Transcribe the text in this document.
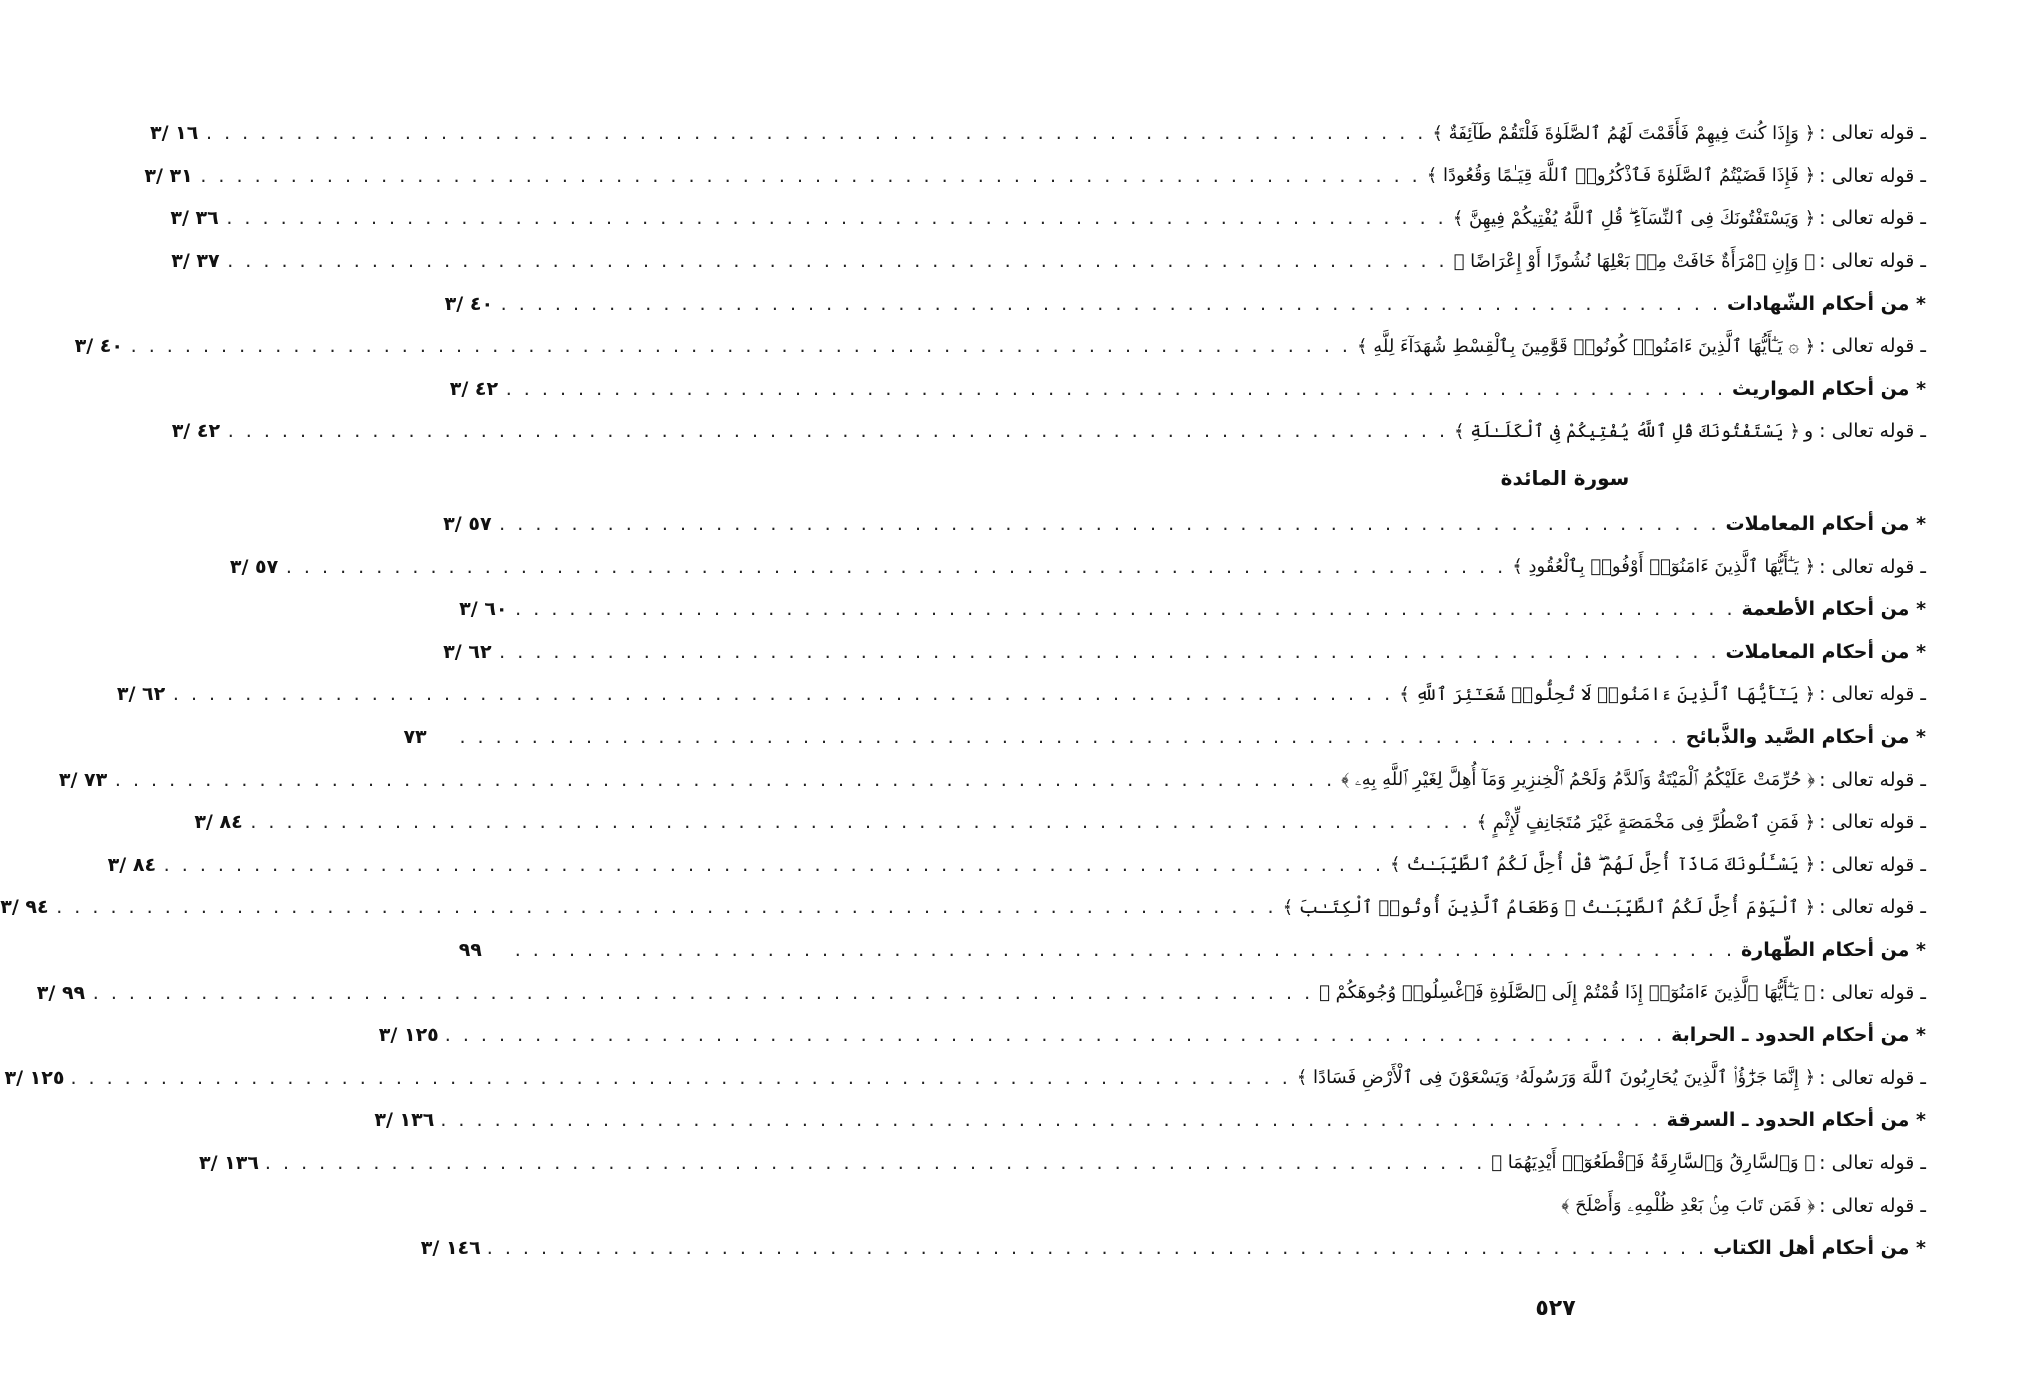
ـ قوله تعالى :
﴿ وَإِذَا كُنتَ فِيهِمْ فَأَقَمْتَ لَهُمُ ٱلصَّلَوٰةَ فَلْتَقُمْ طَآئِفَةٌ ﴾
. . . . . . . . . . . . . . . . . . . . . . . . . . . . . . . . . . . . . . . . . . . . . . . . . . . . . . . . . . . . . . . . . . . .
١٦ /٣
ـ قوله تعالى :
﴿ فَإِذَا قَضَيْتُمُ ٱلصَّلَوٰةَ فَٱذْكُرُوا۟ ٱللَّهَ قِيَـٰمًا وَقُعُودًا ﴾
. . . . . . . . . . . . . . . . . . . . . . . . . . . . . . . . . . . . . . . . . . . . . . . . . . . . . . . . . . . . . . . . . . . .
٣١ /٣
ـ قوله تعالى :
﴿ وَيَسْتَفْتُونَكَ فِى ٱلنِّسَآءِ ۖ قُلِ ٱللَّهُ يُفْتِيكُمْ فِيهِنَّ ﴾
. . . . . . . . . . . . . . . . . . . . . . . . . . . . . . . . . . . . . . . . . . . . . . . . . . . . . . . . . . . . . . . . . . . .
٣٦ /٣
ـ قوله تعالى :
﴿ وَإِنِ ٱمْرَأَةٌ خَافَتْ مِنۢ بَعْلِهَا نُشُوزًا أَوْ إِعْرَاضًا ﴾
. . . . . . . . . . . . . . . . . . . . . . . . . . . . . . . . . . . . . . . . . . . . . . . . . . . . . . . . . . . . . . . . . . . .
٣٧ /٣
* من أحكام الشّهادات
. . . . . . . . . . . . . . . . . . . . . . . . . . . . . . . . . . . . . . . . . . . . . . . . . . . . . . . . . . . . . . . . . . . .
٤٠ /٣
ـ قوله تعالى :
﴿ ۞ يَـٰٓأَيُّهَا ٱلَّذِينَ ءَامَنُوا۟ كُونُوا۟ قَوَّٰمِينَ بِٱلْقِسْطِ شُهَدَآءَ لِلَّهِ ﴾
. . . . . . . . . . . . . . . . . . . . . . . . . . . . . . . . . . . . . . . . . . . . . . . . . . . . . . . . . . . . . . . . . . . .
٤٠ /٣
* من أحكام المواريث
. . . . . . . . . . . . . . . . . . . . . . . . . . . . . . . . . . . . . . . . . . . . . . . . . . . . . . . . . . . . . . . . . . . .
٤٢ /٣
ـ قوله تعالى : و
﴿ يَسْتَفْتُونَكَ قُلِ ٱللَّهُ يُفْتِيكُمْ فِى ٱلْكَلَـٰلَةِ ﴾
. . . . . . . . . . . . . . . . . . . . . . . . . . . . . . . . . . . . . . . . . . . . . . . . . . . . . . . . . . . . . . . . . . . .
٤٢ /٣
سورة المائدة
* من أحكام المعاملات
. . . . . . . . . . . . . . . . . . . . . . . . . . . . . . . . . . . . . . . . . . . . . . . . . . . . . . . . . . . . . . . . . . . .
٥٧ /٣
ـ قوله تعالى :
﴿ يَـٰٓأَيُّهَا ٱلَّذِينَ ءَامَنُوٓا۟ أَوْفُوا۟ بِٱلْعُقُودِ ﴾
. . . . . . . . . . . . . . . . . . . . . . . . . . . . . . . . . . . . . . . . . . . . . . . . . . . . . . . . . . . . . . . . . . . .
٥٧ /٣
* من أحكام الأطعمة
. . . . . . . . . . . . . . . . . . . . . . . . . . . . . . . . . . . . . . . . . . . . . . . . . . . . . . . . . . . . . . . . . . . .
٦٠ /٣
* من أحكام المعاملات
. . . . . . . . . . . . . . . . . . . . . . . . . . . . . . . . . . . . . . . . . . . . . . . . . . . . . . . . . . . . . . . . . . . .
٦٢ /٣
ـ قوله تعالى :
﴿ يَـٰٓأَيُّهَا ٱلَّذِينَ ءَامَنُوا۟ لَا تُحِلُّوا۟ شَعَـٰٓئِرَ ٱللَّهِ ﴾
. . . . . . . . . . . . . . . . . . . . . . . . . . . . . . . . . . . . . . . . . . . . . . . . . . . . . . . . . . . . . . . . . . . .
٦٢ /٣
* من أحكام الصَّيد والذَّبائح
. . . . . . . . . . . . . . . . . . . . . . . . . . . . . . . . . . . . . . . . . . . . . . . . . . . . . . . . . . . . . . . . . . . .
٧٣
ـ قوله تعالى :
﴿ حُرِّمَتْ عَلَيْكُمُ ٱلْمَيْتَةُ وَٱلدَّمُ وَلَحْمُ ٱلْخِنزِيرِ وَمَآ أُهِلَّ لِغَيْرِ ٱللَّهِ بِهِۦ ﴾
. . . . . . . . . . . . . . . . . . . . . . . . . . . . . . . . . . . . . . . . . . . . . . . . . . . . . . . . . . . . . . . . . . . .
٧٣ /٣
ـ قوله تعالى :
﴿ فَمَنِ ٱضْطُرَّ فِى مَخْمَصَةٍ غَيْرَ مُتَجَانِفٍ لِّإِثْمٍ ﴾
. . . . . . . . . . . . . . . . . . . . . . . . . . . . . . . . . . . . . . . . . . . . . . . . . . . . . . . . . . . . . . . . . . . .
٨٤ /٣
ـ قوله تعالى :
﴿ يَسْـَٔلُونَكَ مَاذَآ أُحِلَّ لَهُمْ ۖ قُلْ أُحِلَّ لَكُمُ ٱلطَّيِّبَـٰتُ ﴾
. . . . . . . . . . . . . . . . . . . . . . . . . . . . . . . . . . . . . . . . . . . . . . . . . . . . . . . . . . . . . . . . . . . .
٨٤ /٣
ـ قوله تعالى :
﴿ ٱلْيَوْمَ أُحِلَّ لَكُمُ ٱلطَّيِّبَـٰتُ ۖ وَطَعَامُ ٱلَّذِينَ أُوتُوا۟ ٱلْكِتَـٰبَ ﴾
. . . . . . . . . . . . . . . . . . . . . . . . . . . . . . . . . . . . . . . . . . . . . . . . . . . . . . . . . . . . . . . . . . . .
٩٤ /٣
* من أحكام الطّهارة
. . . . . . . . . . . . . . . . . . . . . . . . . . . . . . . . . . . . . . . . . . . . . . . . . . . . . . . . . . . . . . . . . . . .
٩٩
ـ قوله تعالى :
﴿ يَـٰٓأَيُّهَا ٱلَّذِينَ ءَامَنُوٓا۟ إِذَا قُمْتُمْ إِلَى ٱلصَّلَوٰةِ فَٱغْسِلُوا۟ وُجُوهَكُمْ ﴾
. . . . . . . . . . . . . . . . . . . . . . . . . . . . . . . . . . . . . . . . . . . . . . . . . . . . . . . . . . . . . . . . . . . .
٩٩ /٣
* من أحكام الحدود ـ الحرابة
. . . . . . . . . . . . . . . . . . . . . . . . . . . . . . . . . . . . . . . . . . . . . . . . . . . . . . . . . . . . . . . . . . . .
١٢٥ /٣
ـ قوله تعالى :
﴿ إِنَّمَا جَزَٰٓؤُا۟ ٱلَّذِينَ يُحَارِبُونَ ٱللَّهَ وَرَسُولَهُۥ وَيَسْعَوْنَ فِى ٱلْأَرْضِ فَسَادًا ﴾
. . . . . . . . . . . . . . . . . . . . . . . . . . . . . . . . . . . . . . . . . . . . . . . . . . . . . . . . . . . . . . . . . . . .
١٢٥ /٣
* من أحكام الحدود ـ السرقة
. . . . . . . . . . . . . . . . . . . . . . . . . . . . . . . . . . . . . . . . . . . . . . . . . . . . . . . . . . . . . . . . . . . .
١٣٦ /٣
ـ قوله تعالى :
﴿ وَٱلسَّارِقُ وَٱلسَّارِقَةُ فَٱقْطَعُوٓا۟ أَيْدِيَهُمَا ﴾
. . . . . . . . . . . . . . . . . . . . . . . . . . . . . . . . . . . . . . . . . . . . . . . . . . . . . . . . . . . . . . . . . . . .
١٣٦ /٣
ـ قوله تعالى :
﴿ فَمَن تَابَ مِنۢ بَعْدِ ظُلْمِهِۦ وَأَصْلَحَ ﴾
* من أحكام أهل الكتاب
. . . . . . . . . . . . . . . . . . . . . . . . . . . . . . . . . . . . . . . . . . . . . . . . . . . . . . . . . . . . . . . . . . . .
١٤٦ /٣
٥٢٧
